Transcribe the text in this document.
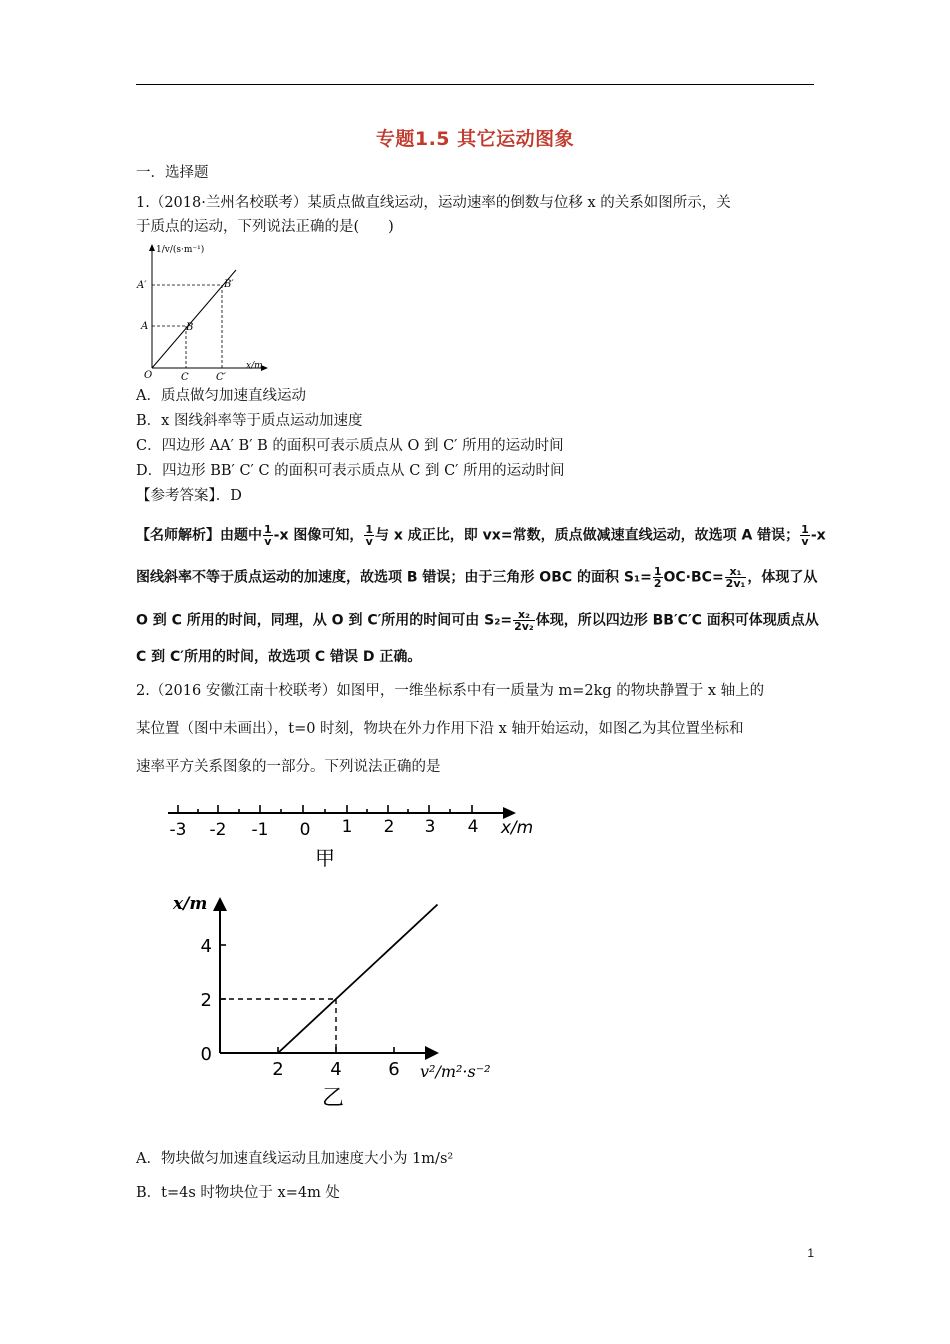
专题1.5 其它运动图象
一．选择题
1.（2018·兰州名校联考）某质点做直线运动，运动速率的倒数与位移 x 的关系如图所示，关
于质点的运动，下列说法正确的是(　　)
1/v/(s·m⁻¹)
x/m
O
A′
A
B′
B
C	C′
A．质点做匀加速直线运动
B．x 图线斜率等于质点运动加速度
C．四边形 AA′ B′ B 的面积可表示质点从 O 到 C′ 所用的运动时间
D．四边形 BB′ C′ C 的面积可表示质点从 C 到 C′ 所用的运动时间
【参考答案】．D
【名师解析】由题中 $\frac{1}{v} -x$ 图像可知， $\frac{1}{v}$ 与 x 成正比，即 vx=常数，质点做减速直线运动，故选项 A 错误； $\frac{1}{v} -x$
图线斜率不等于质点运动的加速度，故选项 B 错误；由于三角形 OBC 的面积 $S_1= \frac{1}{2} OC\cdot BC= \frac{\text{x₁}}{\text{2v₁}}$ ，体现了从
O 到 C 所用的时间，同理，从 O 到 C′所用的时间可由 $S_2= \frac{\text{x₂}}{\text{2v₂}}$ 体现，所以四边形 BB′C′C 面积可体现质点从
C 到 C′所用的时间，故选项 C 错误 D 正确。
2.（2016 安徽江南十校联考）如图甲，一维坐标系中有一质量为 m=2kg 的物块静置于 x 轴上的
某位置（图中未画出），t=0 时刻，物块在外力作用下沿 x 轴开始运动，如图乙为其位置坐标和
速率平方关系图象的一部分。下列说法正确的是
-3 -2 -1 0 1 2 3 4 x/m
甲
0
2
4
2	4	6
x/m
v²/m²·s⁻²
乙
A．物块做匀加速直线运动且加速度大小为 1m/s²
B．t=4s 时物块位于 x=4m 处
1
